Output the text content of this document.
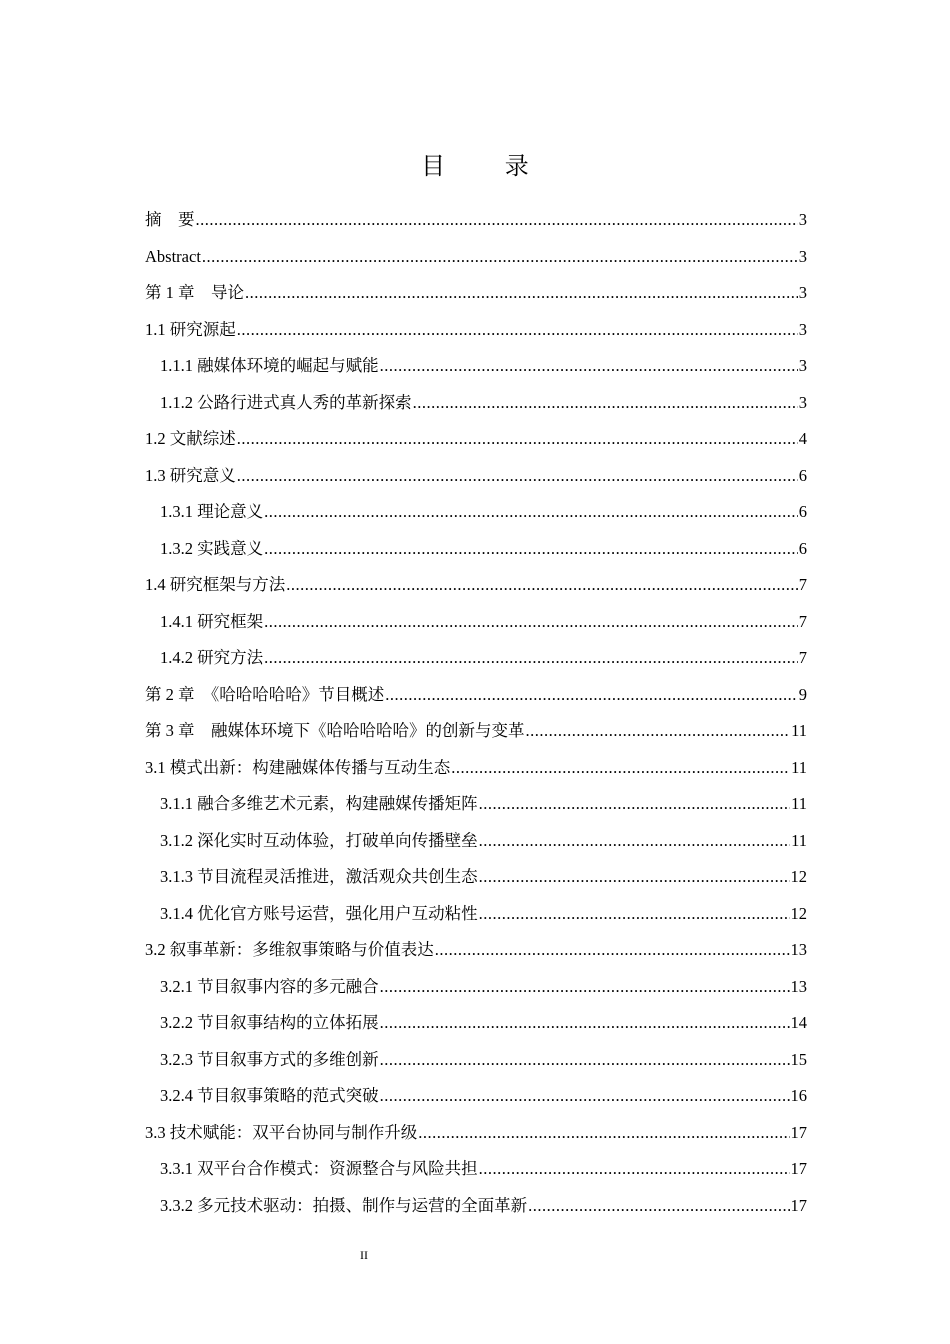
目 录
摘    要 .....	3
Abstract .....	3
第 1 章    导论 .....	3
1.1 研究源起 .....	3
1.1.1 融媒体环境的崛起与赋能 .....	3
1.1.2 公路行进式真人秀的革新探索 .....	3
1.2 文献综述 .....	4
1.3 研究意义 .....	6
1.3.1 理论意义 .....	6
1.3.2 实践意义 .....	6
1.4 研究框架与方法 .....	7
1.4.1 研究框架 .....	7
1.4.2 研究方法 .....	7
第 2 章  《哈哈哈哈哈》节目概述 .....	9
第 3 章    融媒体环境下《哈哈哈哈哈》的创新与变革 .....	11
3.1 模式出新：构建融媒体传播与互动生态 .....	11
3.1.1 融合多维艺术元素，构建融媒传播矩阵 .....	11
3.1.2 深化实时互动体验，打破单向传播壁垒 .....	11
3.1.3 节目流程灵活推进，激活观众共创生态 .....	12
3.1.4 优化官方账号运营，强化用户互动粘性 .....	12
3.2 叙事革新：多维叙事策略与价值表达 .....	13
3.2.1 节目叙事内容的多元融合 .....	13
3.2.2 节目叙事结构的立体拓展 .....	14
3.2.3 节目叙事方式的多维创新 .....	15
3.2.4 节目叙事策略的范式突破 .....	16
3.3 技术赋能：双平台协同与制作升级 .....	17
3.3.1 双平台合作模式：资源整合与风险共担 .....	17
3.3.2 多元技术驱动：拍摄、制作与运营的全面革新 .....	17
II
